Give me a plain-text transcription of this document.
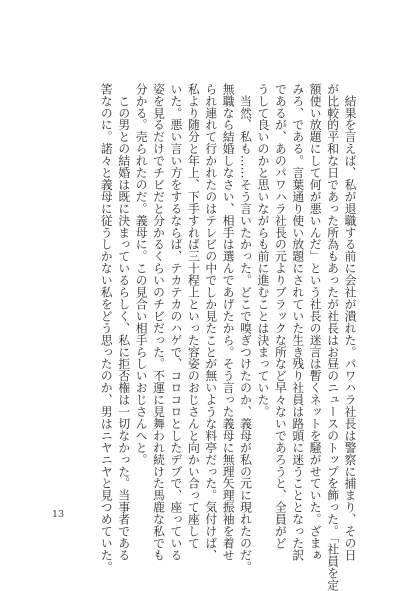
　結果を言えば、私が退職する前に会社が潰れた。パワハラ社長は警察に捕まり、その日

が比較的平和な日であった所為もあったが社長はお昼のニュースのトップを飾った。「社員を定

額使い放題にして何が悪いんだ」という社長の迷言は暫くネットを騒がせていた。ざまぁ

みろ、である。言葉通り使い放題にされていた生き残り社員は路頭に迷うこととなった訳

であるが、あのパワハラ社長の元よりブラックな所など早々ないであろうと、全員がど

うして良いのかと思いながらも前に進むことは決まっていた。

　当然、私も……そう言いたかった。どこで嗅ぎつけたのか、義母が私の元に現れたのだ。

無職なら結婚しなさい、相手は選んであげたから。そう言った義母に無理矢理振袖を着せ

られ連れて行かれたのはテレビの中でしか見たことが無いような料亭だった。気付けば、

私より随分と年上、下手すれば三十程上といった容姿のおじさんと向かい合って座して

いた。悪い言い方をするならば、テカテカのハゲで、コロコロとしたデブで、座っている

姿を見るだけでチビだと分かるくらいのチビだった。不運に見舞われ続けた馬鹿な私でも

分かる。売られたのだ。義母に。この見合い相手らしいおじさんへと。

　この男との結婚は既に決まっているらしく、私に拒否権は一切なかった。当事者である

筈なのに。諾々と義母に従うしかない私をどう思ったのか、男はニヤニヤと見つめていた。

13
